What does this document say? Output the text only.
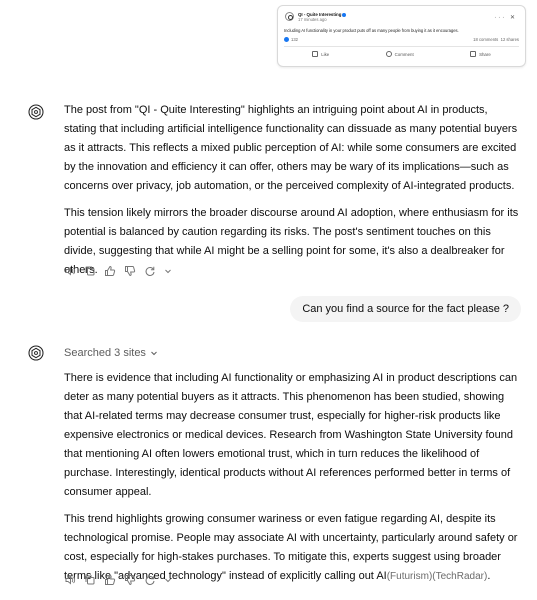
QI - Quite Interesting
17 minutes ago	··· ✕
Including AI functionality in your product puts off as many people from buying it as it encourages.
132	18 comments 12 shares
Like	Comment	Share

The post from "QI - Quite Interesting" highlights an intriguing point about AI in products, stating that including artificial intelligence functionality can dissuade as many potential buyers as it attracts. This reflects a mixed public perception of AI: while some consumers are excited by the innovation and efficiency it can offer, others may be wary of its implications—such as concerns over privacy, job automation, or the perceived complexity of AI-integrated products.

This tension likely mirrors the broader discourse around AI adoption, where enthusiasm for its potential is balanced by caution regarding its risks. The post's sentiment touches on this divide, suggesting that while AI might be a selling point for some, it's also a dealbreaker for others.

Can you find a source for the fact please ?
Searched 3 sites

There is evidence that including AI functionality or emphasizing AI in product descriptions can deter as many potential buyers as it attracts. This phenomenon has been studied, showing that AI-related terms may decrease consumer trust, especially for higher-risk products like expensive electronics or medical devices. Research from Washington State University found that mentioning AI often lowers emotional trust, which in turn reduces the likelihood of purchase. Interestingly, identical products without AI references performed better in terms of consumer appeal.

This trend highlights growing consumer wariness or even fatigue regarding AI, despite its technological promise. People may associate AI with uncertainty, particularly around safety or cost, especially for high-stakes purchases. To mitigate this, experts suggest using broader terms like "advanced technology" instead of explicitly calling out AI(Futurism)(TechRadar).
